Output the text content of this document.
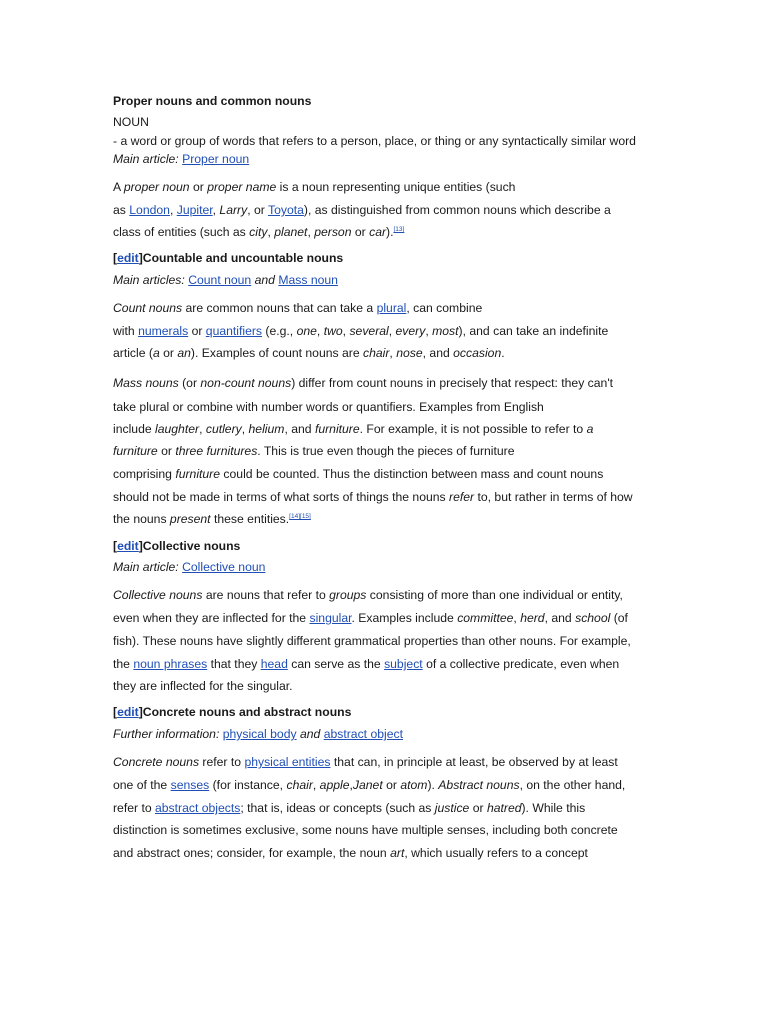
Proper nouns and common nouns
NOUN
- a word or group of words that refers to a person, place, or thing or any syntactically similar word
Main article: Proper noun
A proper noun or proper name is a noun representing unique entities (such
as London, Jupiter, Larry, or Toyota), as distinguished from common nouns which describe a
class of entities (such as city, planet, person or car).[13]
[edit]Countable and uncountable nouns
Main articles: Count noun and Mass noun
Count nouns are common nouns that can take a plural, can combine
with numerals or quantifiers (e.g., one, two, several, every, most), and can take an indefinite
article (a or an). Examples of count nouns are chair, nose, and occasion.
Mass nouns (or non-count nouns) differ from count nouns in precisely that respect: they can't
take plural or combine with number words or quantifiers. Examples from English
include laughter, cutlery, helium, and furniture. For example, it is not possible to refer to a
furniture or three furnitures. This is true even though the pieces of furniture
comprising furniture could be counted. Thus the distinction between mass and count nouns
should not be made in terms of what sorts of things the nouns refer to, but rather in terms of how
the nouns present these entities.[14][15]
[edit]Collective nouns
Main article: Collective noun
Collective nouns are nouns that refer to groups consisting of more than one individual or entity,
even when they are inflected for the singular. Examples include committee, herd, and school (of
fish). These nouns have slightly different grammatical properties than other nouns. For example,
the noun phrases that they head can serve as the subject of a collective predicate, even when
they are inflected for the singular.
[edit]Concrete nouns and abstract nouns
Further information: physical body and abstract object
Concrete nouns refer to physical entities that can, in principle at least, be observed by at least
one of the senses (for instance, chair, apple,Janet or atom). Abstract nouns, on the other hand,
refer to abstract objects; that is, ideas or concepts (such as justice or hatred). While this
distinction is sometimes exclusive, some nouns have multiple senses, including both concrete
and abstract ones; consider, for example, the noun art, which usually refers to a concept
